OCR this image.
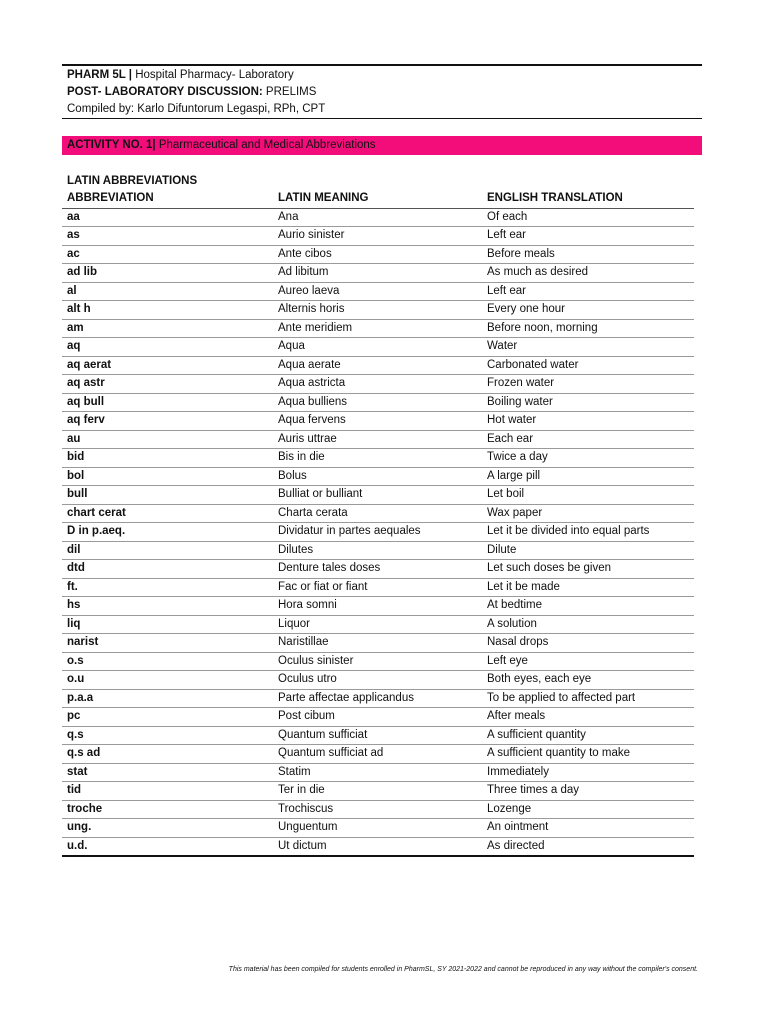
PHARM 5L | Hospital Pharmacy- Laboratory
POST- LABORATORY DISCUSSION: PRELIMS
Compiled by: Karlo Difuntorum Legaspi, RPh, CPT
ACTIVITY NO. 1| Pharmaceutical and Medical Abbreviations
LATIN ABBREVIATIONS
ABBREVIATION	LATIN MEANING	ENGLISH TRANSLATION
aa	Ana	Of each
as	Aurio sinister	Left ear
ac	Ante cibos	Before meals
ad lib	Ad libitum	As much as desired
al	Aureo laeva	Left ear
alt h	Alternis horis	Every one hour
am	Ante meridiem	Before noon, morning
aq	Aqua	Water
aq aerat	Aqua aerate	Carbonated water
aq astr	Aqua astricta	Frozen water
aq bull	Aqua bulliens	Boiling water
aq ferv	Aqua fervens	Hot water
au	Auris uttrae	Each ear
bid	Bis in die	Twice a day
bol	Bolus	A large pill
bull	Bulliat or bulliant	Let boil
chart cerat	Charta cerata	Wax paper
D in p.aeq.	Dividatur in partes aequales	Let it be divided into equal parts
dil	Dilutes	Dilute
dtd	Denture tales doses	Let such doses be given
ft.	Fac or fiat or fiant	Let it be made
hs	Hora somni	At bedtime
liq	Liquor	A solution
narist	Naristillae	Nasal drops
o.s	Oculus sinister	Left eye
o.u	Oculus utro	Both eyes, each eye
p.a.a	Parte affectae applicandus	To be applied to affected part
pc	Post cibum	After meals
q.s	Quantum sufficiat	A sufficient quantity
q.s ad	Quantum sufficiat ad	A sufficient quantity to make
stat	Statim	Immediately
tid	Ter in die	Three times a day
troche	Trochiscus	Lozenge
ung.	Unguentum	An ointment
u.d.	Ut dictum	As directed
This material has been compiled for students enrolled in PharmSL, SY 2021-2022 and cannot be reproduced in any way without the compiler's consent.
